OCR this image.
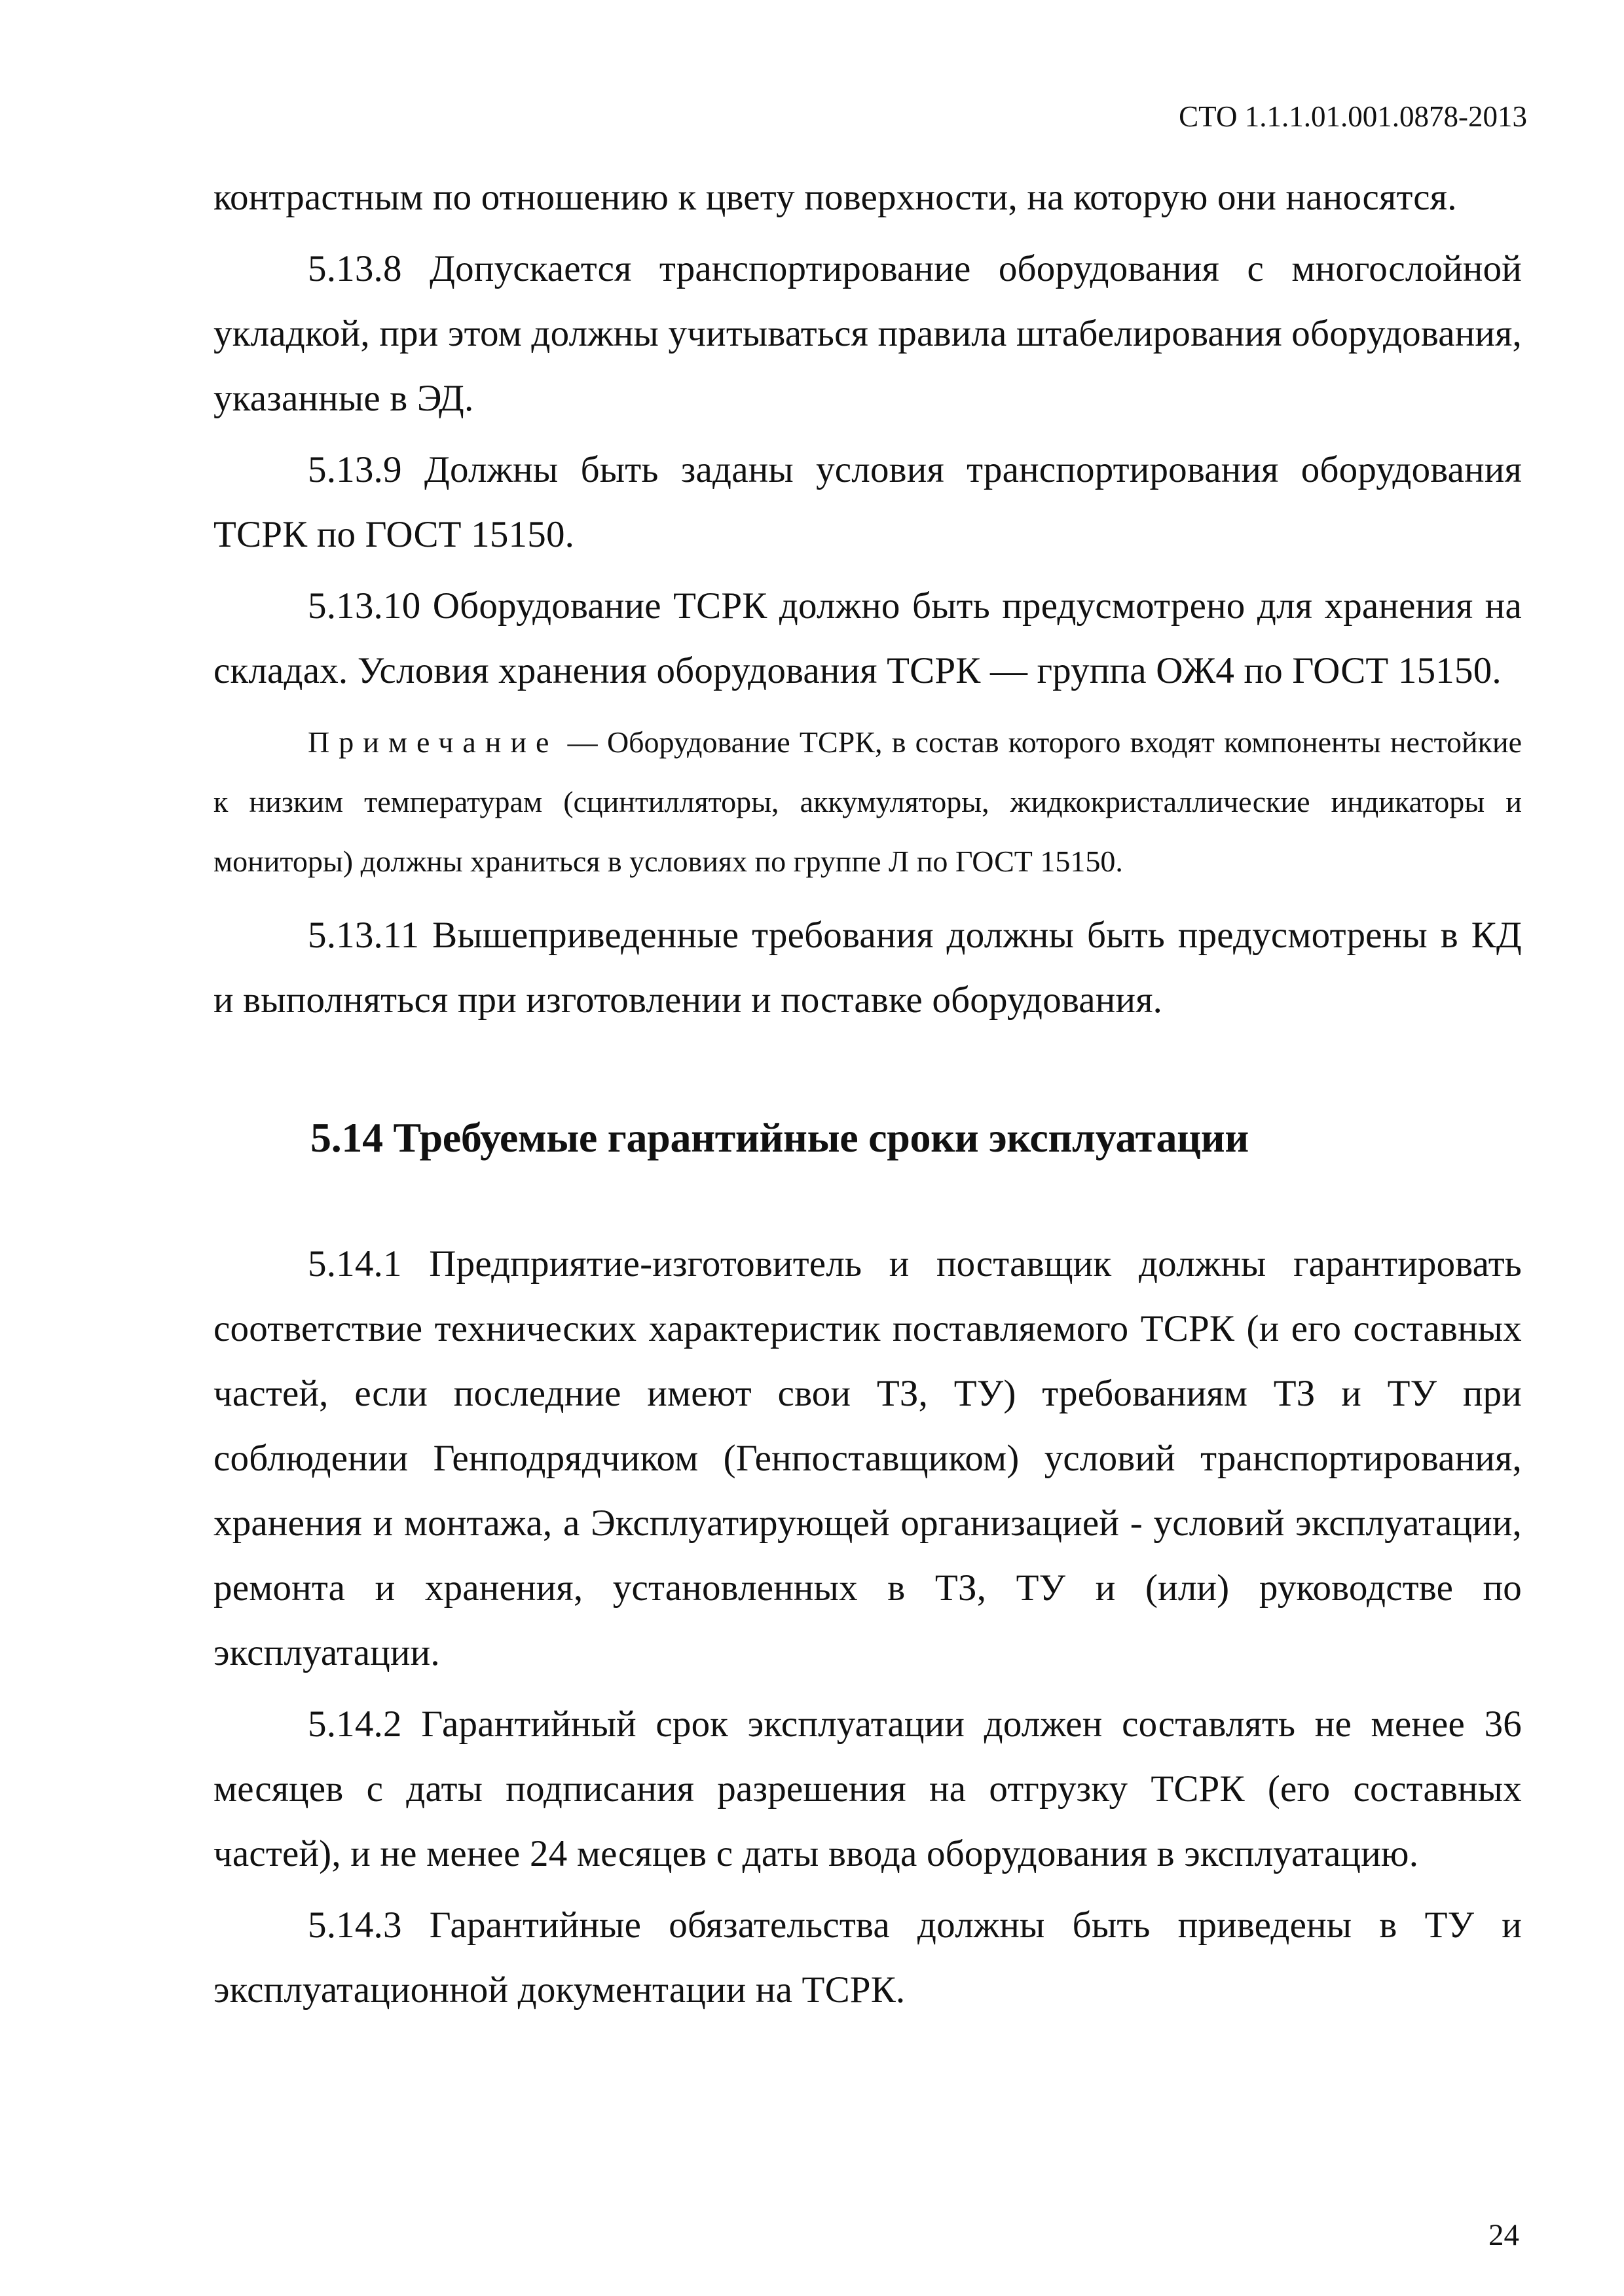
СТО 1.1.1.01.001.0878-2013

контрастным по отношению к цвету поверхности, на которую они наносятся.

5.13.8 Допускается транспортирование оборудования с многослойной укладкой, при этом должны учитываться правила штабелирования оборудования, указанные в ЭД.

5.13.9 Должны быть заданы условия транспортирования оборудования ТСРК по ГОСТ 15150.

5.13.10 Оборудование ТСРК должно быть предусмотрено для хранения на складах. Условия хранения оборудования ТСРК — группа ОЖ4 по ГОСТ 15150.

Примечание — Оборудование ТСРК, в состав которого входят компоненты нестойкие к низким температурам (сцинтилляторы, аккумуляторы, жидкокристаллические индикаторы и мониторы) должны храниться в условиях по группе Л по ГОСТ 15150.

5.13.11 Вышеприведенные требования должны быть предусмотрены в КД и выполняться при изготовлении и поставке оборудования.

5.14 Требуемые гарантийные сроки эксплуатации

5.14.1 Предприятие-изготовитель и поставщик должны гарантировать соответствие технических характеристик поставляемого ТСРК (и его составных частей, если последние имеют свои ТЗ, ТУ) требованиям ТЗ и ТУ при соблюдении Генподрядчиком (Генпоставщиком) условий транспортирования, хранения и монтажа, а Эксплуатирующей организацией - условий эксплуатации, ремонта и хранения, установленных в ТЗ, ТУ и (или) руководстве по эксплуатации.

5.14.2 Гарантийный срок эксплуатации должен составлять не менее 36 месяцев с даты подписания разрешения на отгрузку ТСРК (его составных частей), и не менее 24 месяцев с даты ввода оборудования в эксплуатацию.

5.14.3 Гарантийные обязательства должны быть приведены в ТУ и эксплуатационной документации на ТСРК.

24
